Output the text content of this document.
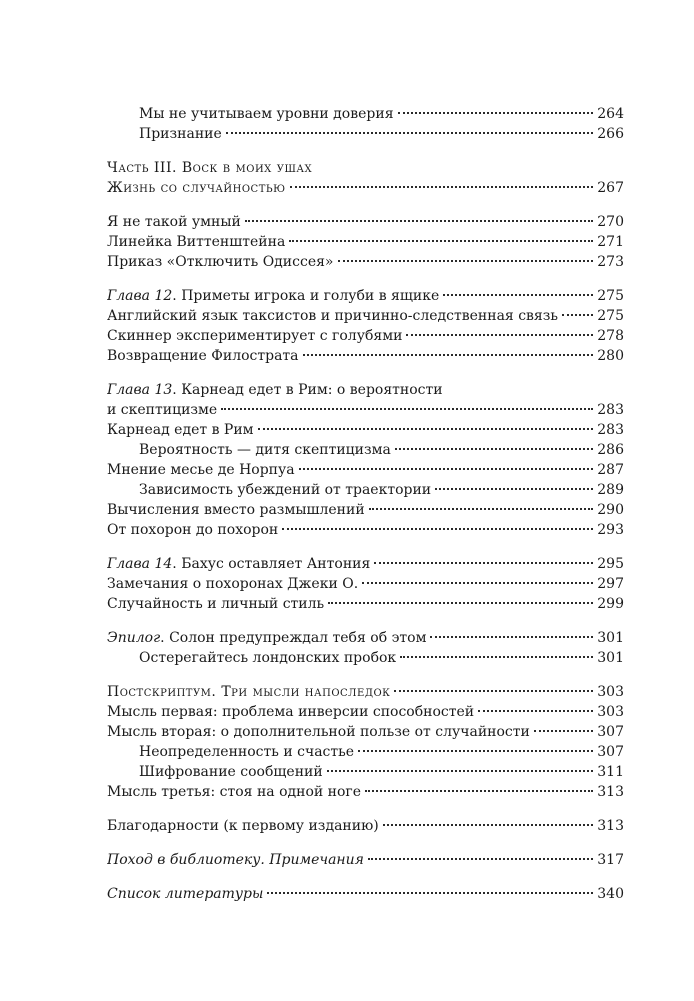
Мы не учитываем уровни доверия	264
Признание	266
Часть III. Воск в моих ушах
Жизнь со случайностью	267
Я не такой умный	270
Линейка Виттенштейна	271
Приказ «Отключить Одиссея»	273
Глава 12. Приметы игрока и голуби в ящике	275
Английский язык таксистов и причинно-следственная связь	275
Скиннер экспериментирует с голубями	278
Возвращение Филострата	280
Глава 13. Карнеад едет в Рим: о вероятности
и скептицизме	283
Карнеад едет в Рим	283
Вероятность — дитя скептицизма	286
Мнение месье де Норпуа	287
Зависимость убеждений от траектории	289
Вычисления вместо размышлений	290
От похорон до похорон	293
Глава 14. Бахус оставляет Антония	295
Замечания о похоронах Джеки О.	297
Случайность и личный стиль	299
Эпилог. Солон предупреждал тебя об этом	301
Остерегайтесь лондонских пробок	301
Постскриптум. Три мысли напоследок	303
Мысль первая: проблема инверсии способностей	303
Мысль вторая: о дополнительной пользе от случайности	307
Неопределенность и счастье	307
Шифрование сообщений	311
Мысль третья: стоя на одной ноге	313
Благодарности (к первому изданию)	313
Поход в библиотеку. Примечания	317
Список литературы	340
